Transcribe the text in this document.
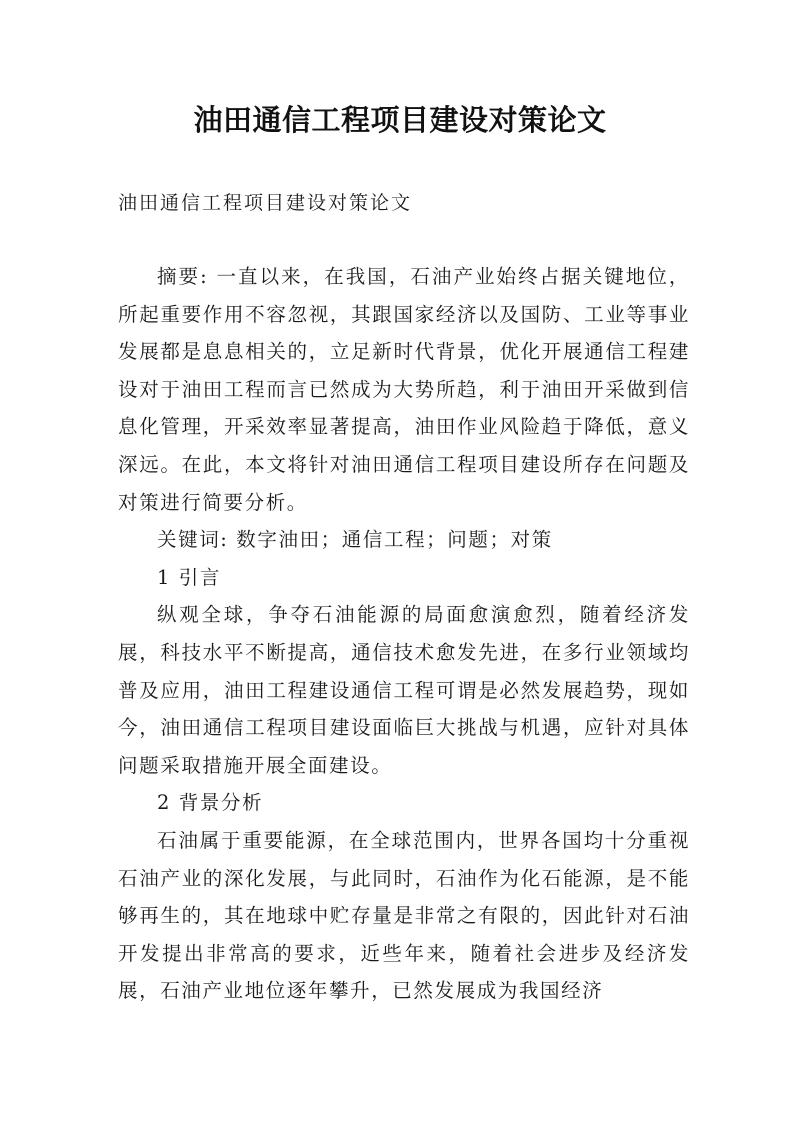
油田通信工程项目建设对策论文
油田通信工程项目建设对策论文

摘要: 一直以来，在我国，石油产业始终占据关键地位，所起重要作用不容忽视，其跟国家经济以及国防、工业等事业发展都是息息相关的，立足新时代背景，优化开展通信工程建设对于油田工程而言已然成为大势所趋，利于油田开采做到信息化管理，开采效率显著提高，油田作业风险趋于降低，意义深远。在此，本文将针对油田通信工程项目建设所存在问题及对策进行简要分析。

关键词: 数字油田；通信工程；问题；对策

1 引言

纵观全球，争夺石油能源的局面愈演愈烈，随着经济发展，科技水平不断提高，通信技术愈发先进，在多行业领域均普及应用，油田工程建设通信工程可谓是必然发展趋势，现如今，油田通信工程项目建设面临巨大挑战与机遇，应针对具体问题采取措施开展全面建设。

2 背景分析

石油属于重要能源，在全球范围内，世界各国均十分重视石油产业的深化发展，与此同时，石油作为化石能源，是不能够再生的，其在地球中贮存量是非常之有限的，因此针对石油开发提出非常高的要求，近些年来，随着社会进步及经济发展，石油产业地位逐年攀升，已然发展成为我国经济
